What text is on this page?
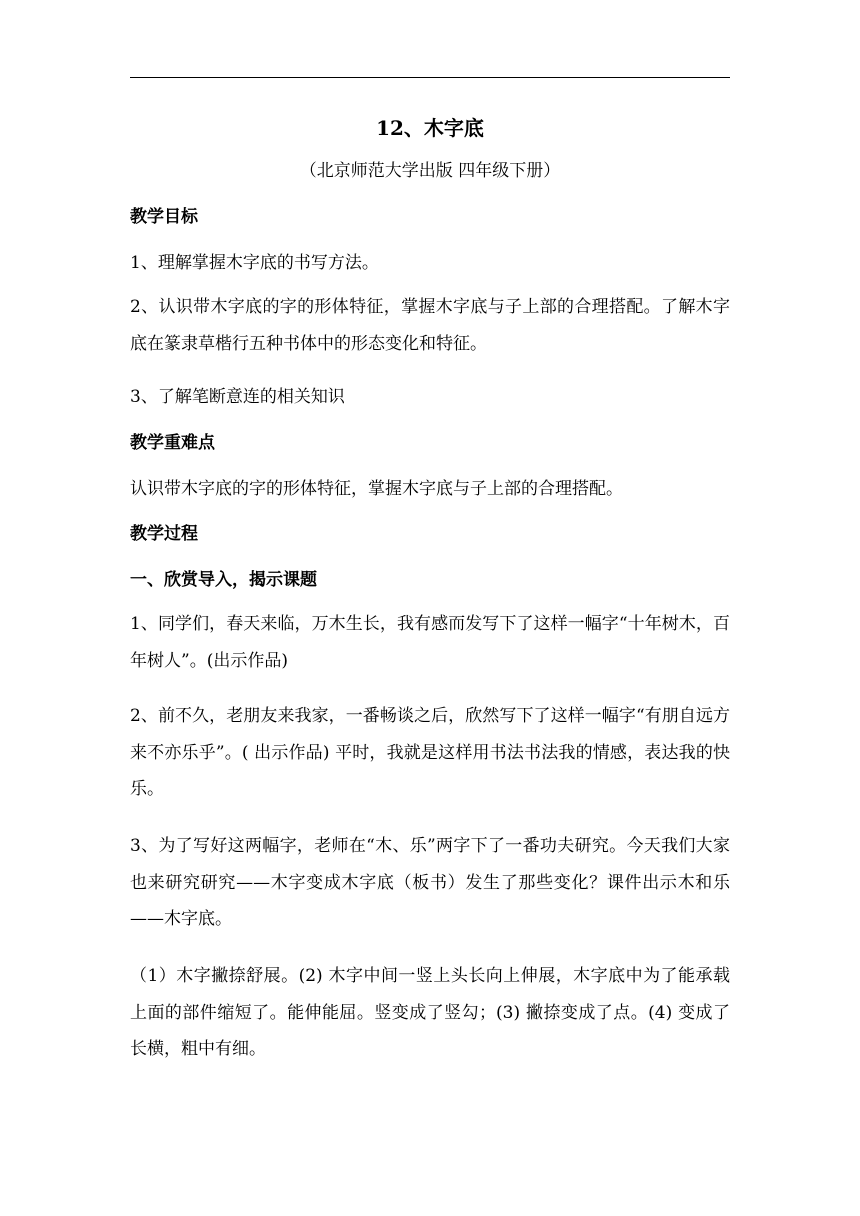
12、木字底
（北京师范大学出版 四年级下册）
教学目标
1、理解掌握木字底的书写方法。
2、认识带木字底的字的形体特征，掌握木字底与子上部的合理搭配。了解木字底在篆隶草楷行五种书体中的形态变化和特征。
3、了解笔断意连的相关知识
教学重难点
认识带木字底的字的形体特征，掌握木字底与子上部的合理搭配。
教学过程
一、欣赏导入，揭示课题
1、同学们，春天来临，万木生长，我有感而发写下了这样一幅字“十年树木，百年树人”。(出示作品)
2、前不久，老朋友来我家，一番畅谈之后，欣然写下了这样一幅字“有朋自远方来不亦乐乎”。( 出示作品) 平时，我就是这样用书法书法我的情感，表达我的快乐。
3、为了写好这两幅字，老师在“木、乐”两字下了一番功夫研究。今天我们大家也来研究研究——木字变成木字底（板书）发生了那些变化？课件出示木和乐——木字底。
（1）木字撇捺舒展。(2) 木字中间一竖上头长向上伸展，木字底中为了能承载上面的部件缩短了。能伸能屈。竖变成了竖勾；(3) 撇捺变成了点。(4) 变成了长横，粗中有细。
